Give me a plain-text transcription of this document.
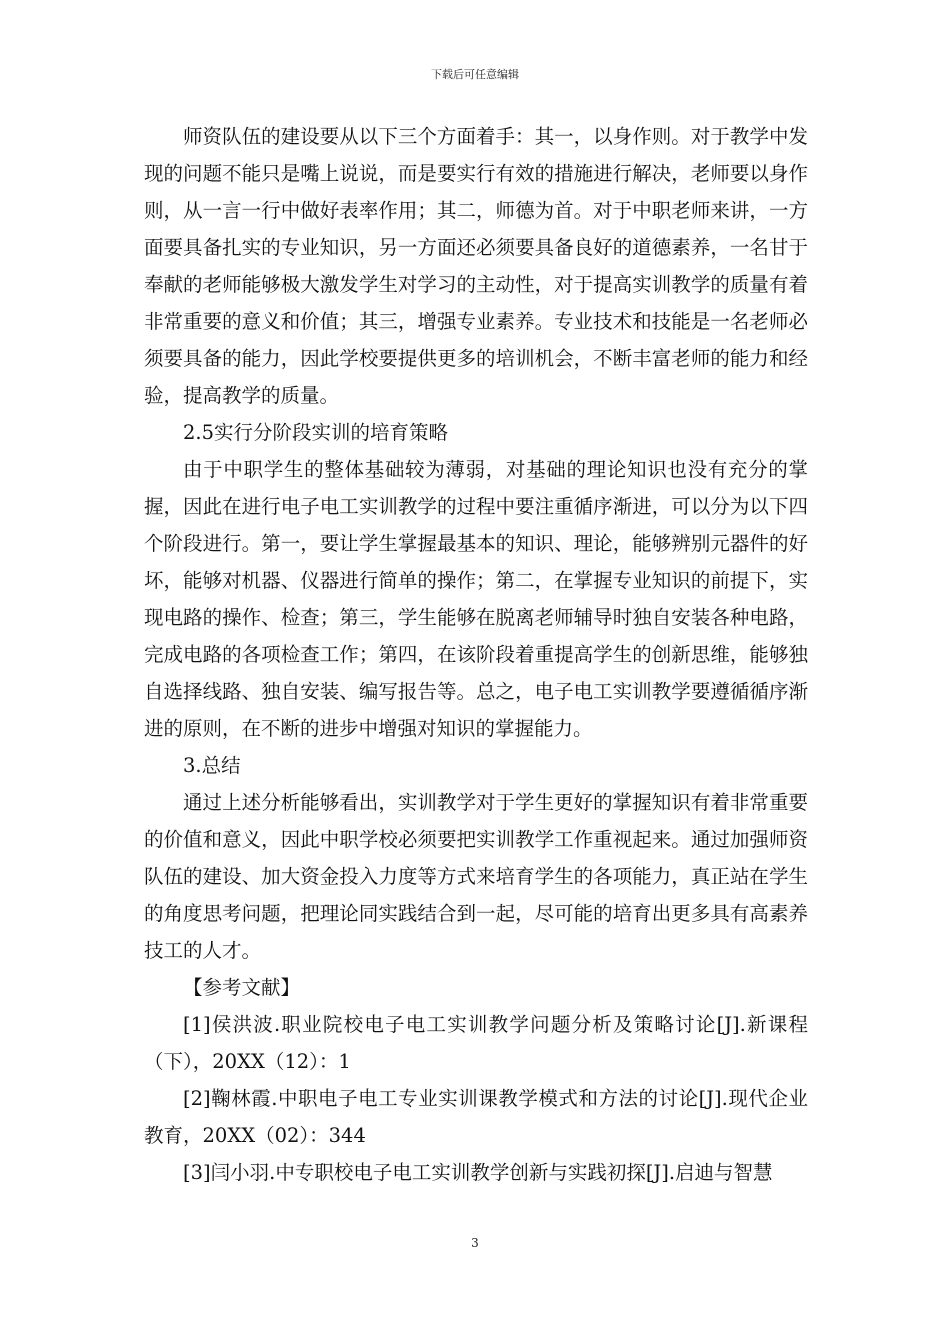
下载后可任意编辑

师资队伍的建设要从以下三个方面着手：其一，以身作则。对于教学中发现的问题不能只是嘴上说说，而是要实行有效的措施进行解决，老师要以身作则，从一言一行中做好表率作用；其二，师德为首。对于中职老师来讲，一方面要具备扎实的专业知识，另一方面还必须要具备良好的道德素养，一名甘于奉献的老师能够极大激发学生对学习的主动性，对于提高实训教学的质量有着非常重要的意义和价值；其三，增强专业素养。专业技术和技能是一名老师必须要具备的能力，因此学校要提供更多的培训机会，不断丰富老师的能力和经验，提高教学的质量。

2.5实行分阶段实训的培育策略

由于中职学生的整体基础较为薄弱，对基础的理论知识也没有充分的掌握，因此在进行电子电工实训教学的过程中要注重循序渐进，可以分为以下四个阶段进行。第一，要让学生掌握最基本的知识、理论，能够辨别元器件的好坏，能够对机器、仪器进行简单的操作；第二，在掌握专业知识的前提下，实现电路的操作、检查；第三，学生能够在脱离老师辅导时独自安装各种电路，完成电路的各项检查工作；第四，在该阶段着重提高学生的创新思维，能够独自选择线路、独自安装、编写报告等。总之，电子电工实训教学要遵循循序渐进的原则，在不断的进步中增强对知识的掌握能力。

3.总结

通过上述分析能够看出，实训教学对于学生更好的掌握知识有着非常重要的价值和意义，因此中职学校必须要把实训教学工作重视起来。通过加强师资队伍的建设、加大资金投入力度等方式来培育学生的各项能力，真正站在学生的角度思考问题，把理论同实践结合到一起，尽可能的培育出更多具有高素养技工的人才。

【参考文献】

[1]侯洪波.职业院校电子电工实训教学问题分析及策略讨论[J].新课程（下），20XX（12）：1

[2]鞠林霞.中职电子电工专业实训课教学模式和方法的讨论[J].现代企业教育，20XX（02）：344

[3]闫小羽.中专职校电子电工实训教学创新与实践初探[J].启迪与智慧

3
